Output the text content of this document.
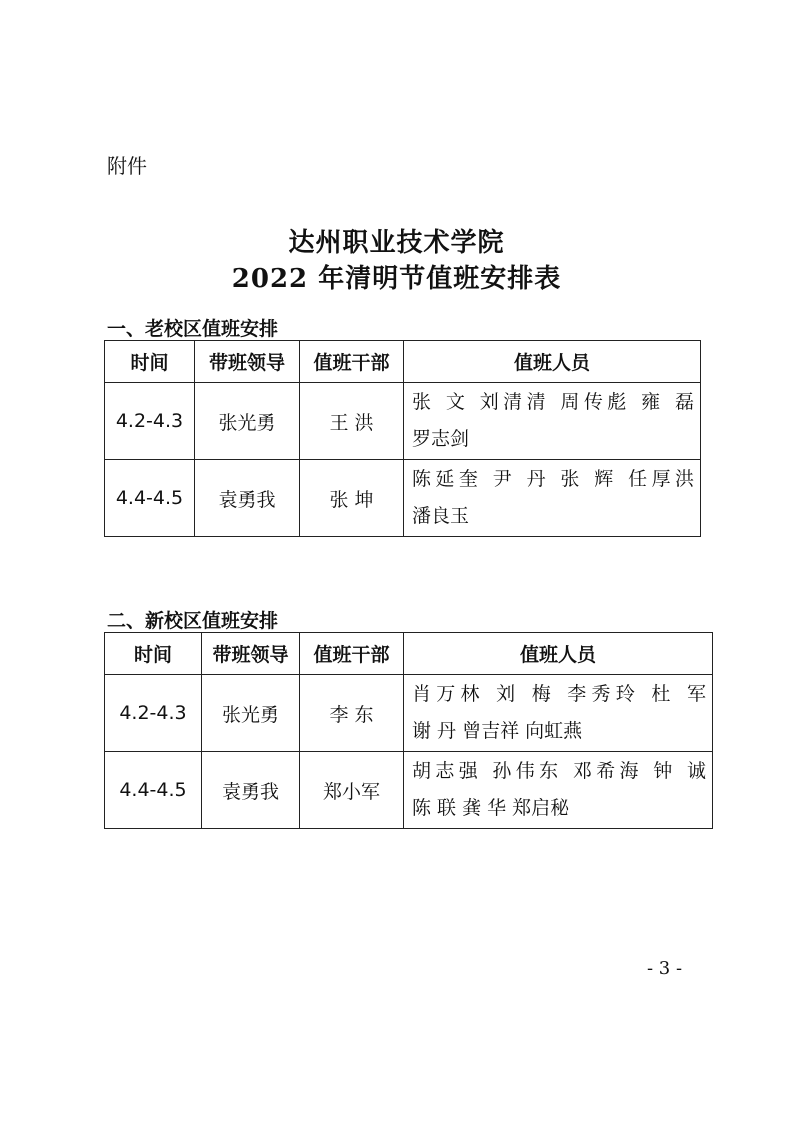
附件
达州职业技术学院
2022 年清明节值班安排表
一、老校区值班安排
时间	带班领导	值班干部	值班人员
4.2-4.3	张光勇	王 洪	张 文 刘清清 周传彪 雍 磊
罗志剑

4.4-4.5	袁勇我	张 坤	陈延奎 尹 丹 张 辉 任厚洪
潘良玉
二、新校区值班安排
时间	带班领导	值班干部	值班人员
4.2-4.3	张光勇	李 东	肖万林 刘 梅 李秀玲 杜 军
谢 丹 曾吉祥 向虹燕

4.4-4.5	袁勇我	郑小军	胡志强 孙伟东 邓希海 钟 诚
陈 联 龚 华 郑启秘
- 3 -
